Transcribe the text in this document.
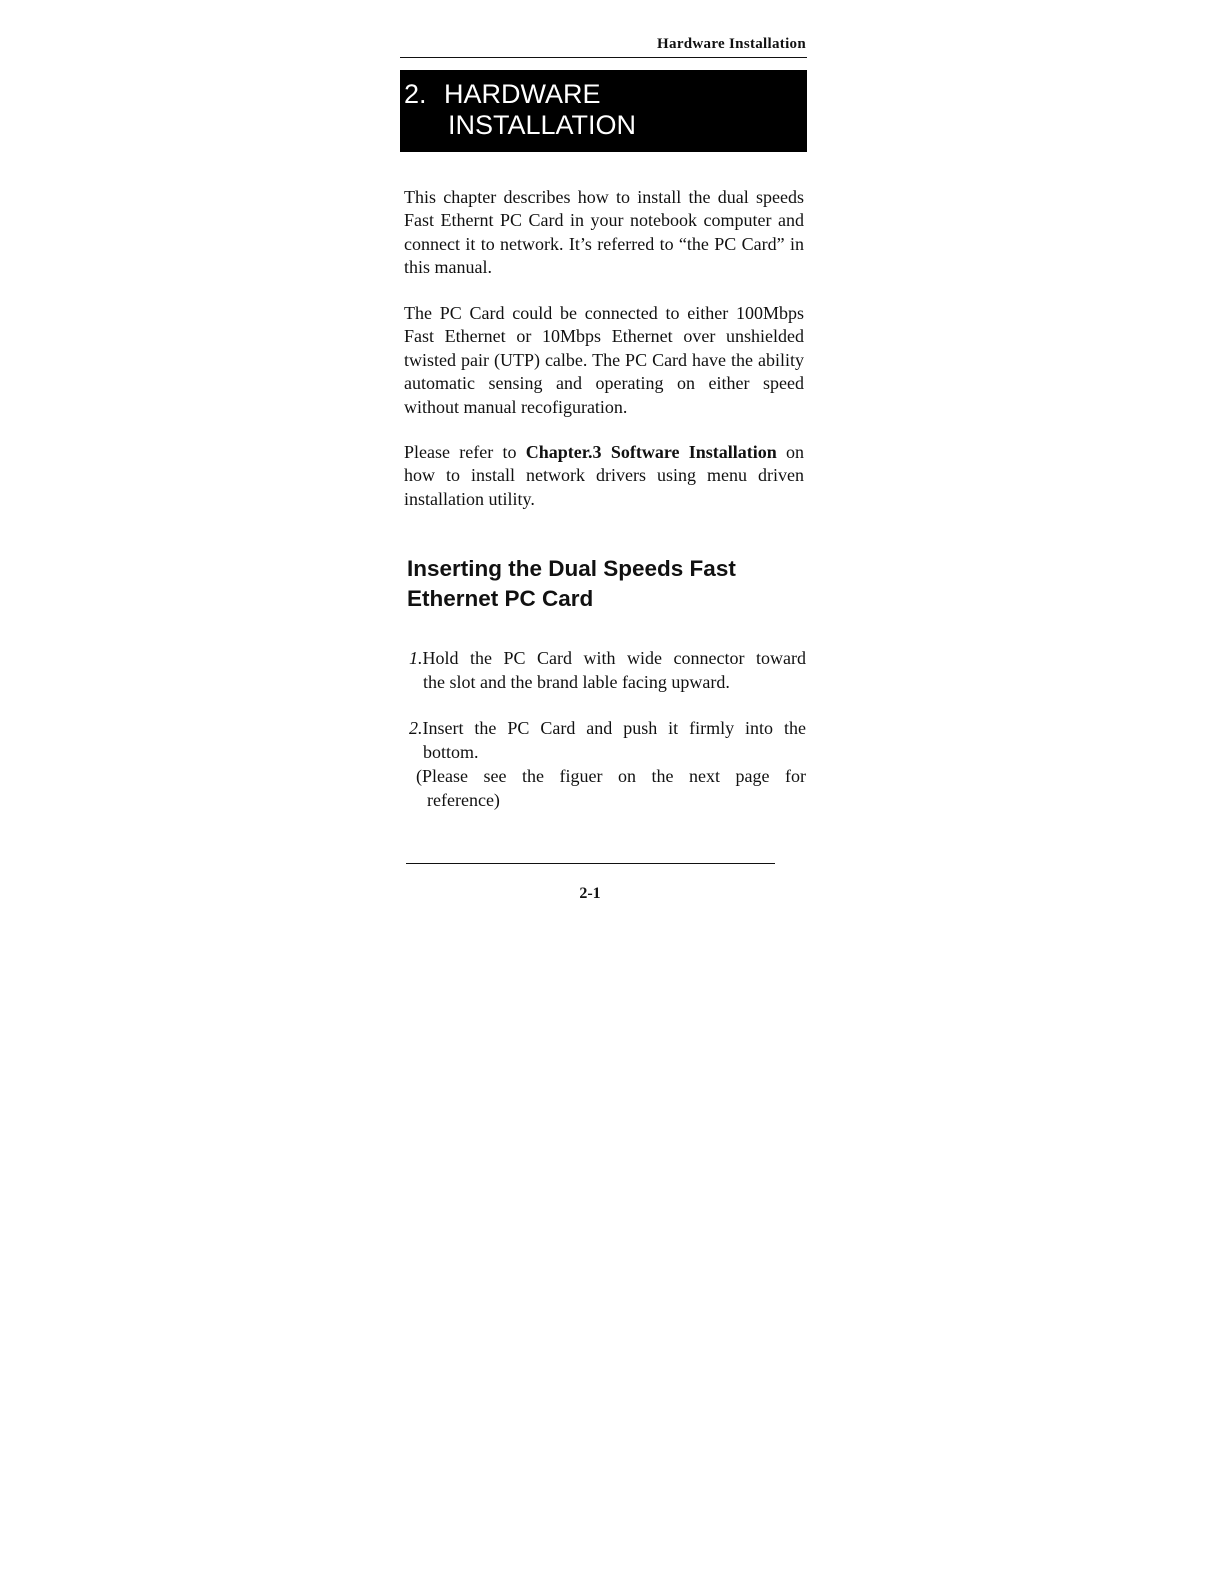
Hardware Installation
2. HARDWARE
INSTALLATION

This chapter describes how to install the dual speeds Fast Ethernt PC Card in your notebook computer and connect it to network. It’s referred to “the PC Card” in this manual.

The PC Card could be connected to either 100Mbps Fast Ethernet or 10Mbps Ethernet over unshielded twisted pair (UTP) calbe. The PC Card have the ability automatic sensing and operating on either speed without manual recofiguration.

Please refer to Chapter.3 Software Installation on how to install network drivers using menu driven installation utility.

Inserting the Dual Speeds Fast
Ethernet PC Card
1.Hold the PC Card with wide connector toward
the slot and the brand lable facing upward.
2.Insert the PC Card and push it firmly into the
bottom.
(Please see the figuer on the next page for
reference)
2-1
